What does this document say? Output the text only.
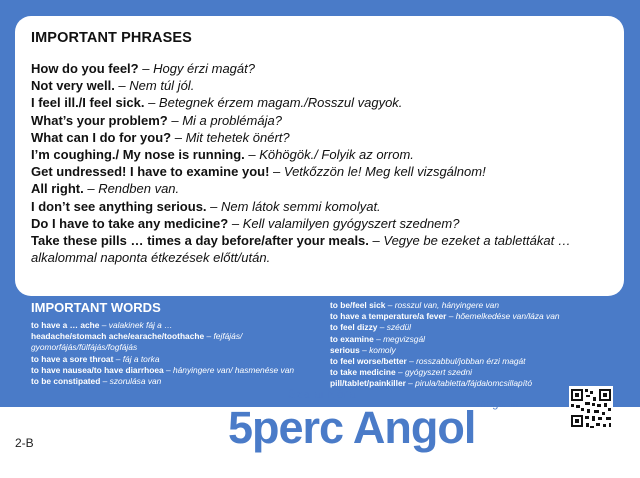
IMPORTANT PHRASES
How do you feel? – Hogy érzi magát?
Not very well. – Nem túl jól.
I feel ill./I feel sick. – Betegnek érzem magam./Rosszul vagyok.
What’s your problem? – Mi a problémája?
What can I do for you? – Mit tehetek önért?
I’m coughing./ My nose is running. – Köhögök./ Folyik az orrom.
Get undressed! I have to examine you! – Vetkőzzön le! Meg kell vizsgálnom!
All right. – Rendben van.
I don’t see anything serious. – Nem látok semmi komolyat.
Do I have to take any medicine? – Kell valamilyen gyógyszert szednem?
Take these pills … times a day before/after your meals. – Vegye be ezeket a tablettákat … alkalommal naponta étkezések előtt/után.
IMPORTANT WORDS
to have a … ache – valakinek fáj a …
headache/stomach ache/earache/toothache – fejfájás/ gyomorfájás/fülfájás/fogfájás
to have a sore throat – fáj a torka
to have nausea/to have diarrhoea – hányingere van/ hasmenése van
to be constipated – szorulása van
to be/feel sick – rosszul van, hányingere van
to have a temperature/a fever – hőemelkedése van/láza van
to feel dizzy – szédül
to examine – megvizsgál
serious – komoly
to feel worse/better – rosszabbul/jobban érzi magát
to take medicine – gyógyszert szedni
pill/tablet/painkiller – pirula/tabletta/fájdalomcsillapító
2-B
Szalai Nóra
magazin
5perc Angol
